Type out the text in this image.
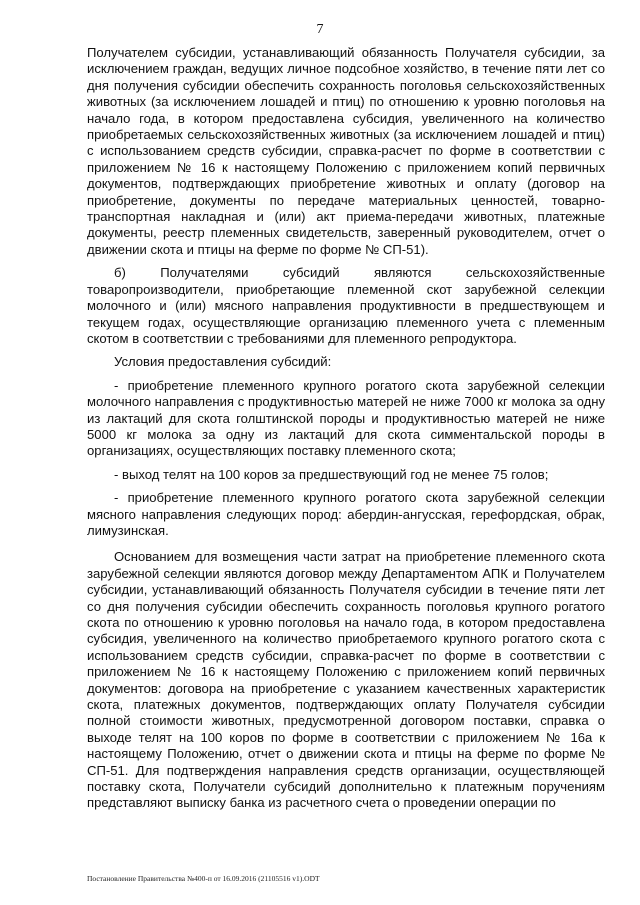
7

Получателем субсидии, устанавливающий обязанность Получателя субсидии, за исключением граждан, ведущих личное подсобное хозяйство, в течение пяти лет со дня получения субсидии обеспечить сохранность поголовья сельскохозяйственных животных (за исключением лошадей и птиц) по отношению к уровню поголовья на начало года, в котором предоставлена субсидия, увеличенного на количество приобретаемых сельскохозяйственных животных (за исключением лошадей и птиц) с использованием средств субсидии, справка-расчет по форме в соответствии с приложением № 16 к настоящему Положению с приложением копий первичных документов, подтверждающих приобретение животных и оплату (договор на приобретение, документы по передаче материальных ценностей, товарно-транспортная накладная и (или) акт приема-передачи животных, платежные документы, реестр племенных свидетельств, заверенный руководителем, отчет о движении скота и птицы на ферме по форме № СП-51).

б) Получателями субсидий являются сельскохозяйственные товаропроизводители, приобретающие племенной скот зарубежной селекции молочного и (или) мясного направления продуктивности в предшествующем и текущем годах, осуществляющие организацию племенного учета с племенным скотом в соответствии с требованиями для племенного репродуктора.

Условия предоставления субсидий:

- приобретение племенного крупного рогатого скота зарубежной селекции молочного направления с продуктивностью матерей не ниже 7000 кг молока за одну из лактаций для скота голштинской породы и продуктивностью матерей не ниже 5000 кг молока за одну из лактаций для скота симментальской породы в организациях, осуществляющих поставку племенного скота;

- выход телят на 100 коров за предшествующий год не менее 75 голов;

- приобретение племенного крупного рогатого скота зарубежной селекции мясного направления следующих пород: абердин-ангусская, герефордская, обрак, лимузинская.

Основанием для возмещения части затрат на приобретение племенного скота зарубежной селекции являются договор между Департаментом АПК и Получателем субсидии, устанавливающий обязанность Получателя субсидии в течение пяти лет со дня получения субсидии обеспечить сохранность поголовья крупного рогатого скота по отношению к уровню поголовья на начало года, в котором предоставлена субсидия, увеличенного на количество приобретаемого крупного рогатого скота с использованием средств субсидии, справка-расчет по форме в соответствии с приложением № 16 к настоящему Положению с приложением копий первичных документов: договора на приобретение с указанием качественных характеристик скота, платежных документов, подтверждающих оплату Получателя субсидии полной стоимости животных, предусмотренной договором поставки, справка о выходе телят на 100 коров по форме в соответствии с приложением № 16а к настоящему Положению, отчет о движении скота и птицы на ферме по форме № СП-51. Для подтверждения направления средств организации, осуществляющей поставку скота, Получатели субсидий дополнительно к платежным поручениям представляют выписку банка из расчетного счета о проведении операции по

Постановление Правительства №400-п от 16.09.2016 (21105516 v1).ODT
